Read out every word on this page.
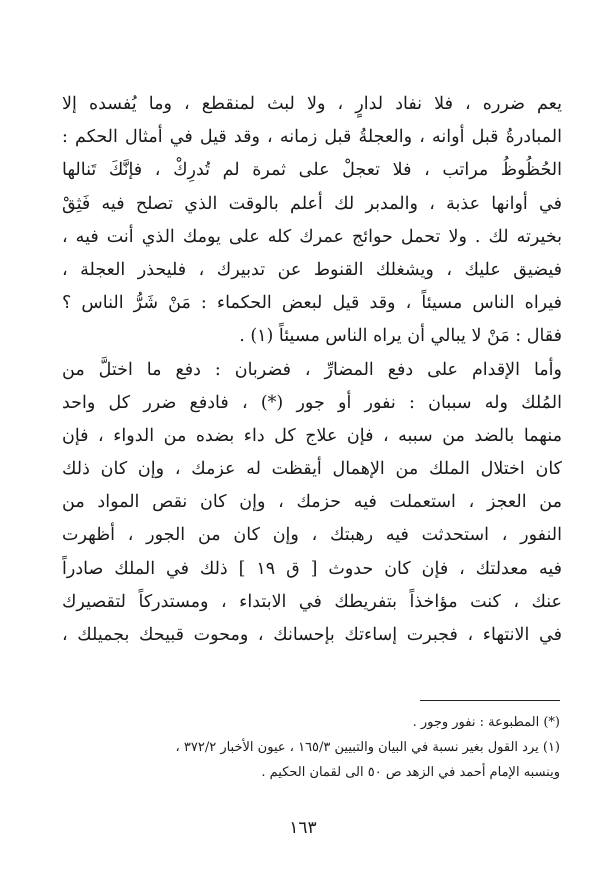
يعم ضرره ، فلا نفاد لدارٍ ، ولا لبث لمنقطع ، وما يُفسده إلا
المبادرةُ قبل أوانه ، والعجلةُ قبل زمانه ، وقد قيل في أمثال الحكم :
الحُظُوظُ مراتب ، فلا تعجلْ على ثمرة لم تُدرِكْ ، فإنَّكَ تَنالها
في أوانها عذبة ، والمدبر لك أعلم بالوقت الذي تصلح فيه فَثِقْ
بخيرته لك . ولا تحمل حوائج عمرك كله على يومك الذي أنت فيه ،
فيضيق عليك ، ويشغلك القنوط عن تدبيرك ، فليحذر العجلة ،
فيراه الناس مسيئاً ، وقد قيل لبعض الحكماء : مَنْ شَرُّ الناس ؟
فقال : مَنْ لا يبالي أن يراه الناس مسيئاً (١) .
وأما الإقدام على دفع المضارِّ ، فضربان : دفع ما اختلَّ من
المُلك وله سببان : نفور أو جور (*) ، فادفع ضرر كل واحد
منهما بالضد من سببه ، فإن علاج كل داء بضده من الدواء ، فإن
كان اختلال الملك من الإهمال أيقظت له عزمك ، وإن كان ذلك
من العجز ، استعملت فيه حزمك ، وإن كان نقص المواد من
النفور ، استحدثت فيه رهبتك ، وإن كان من الجور ، أظهرت
فيه معدلتك ، فإن كان حدوث [ ق ١٩ ] ذلك في الملك صادراً
عنك ، كنت مؤاخذاً بتفريطك في الابتداء ، ومستدركاً لتقصيرك
في الانتهاء ، فجبرت إساءتك بإحسانك ، ومحوت قبيحك بجميلك ،
(*) المطبوعة : نفور وجور .
(١) يرد القول بغير نسبة في البيان والتبيين ١٦٥/٣ ، عيون الأخبار ٣٧٢/٢ ،
وينسبه الإمام أحمد في الزهد ص ٥٠ الى لقمان الحكيم .
١٦٣
